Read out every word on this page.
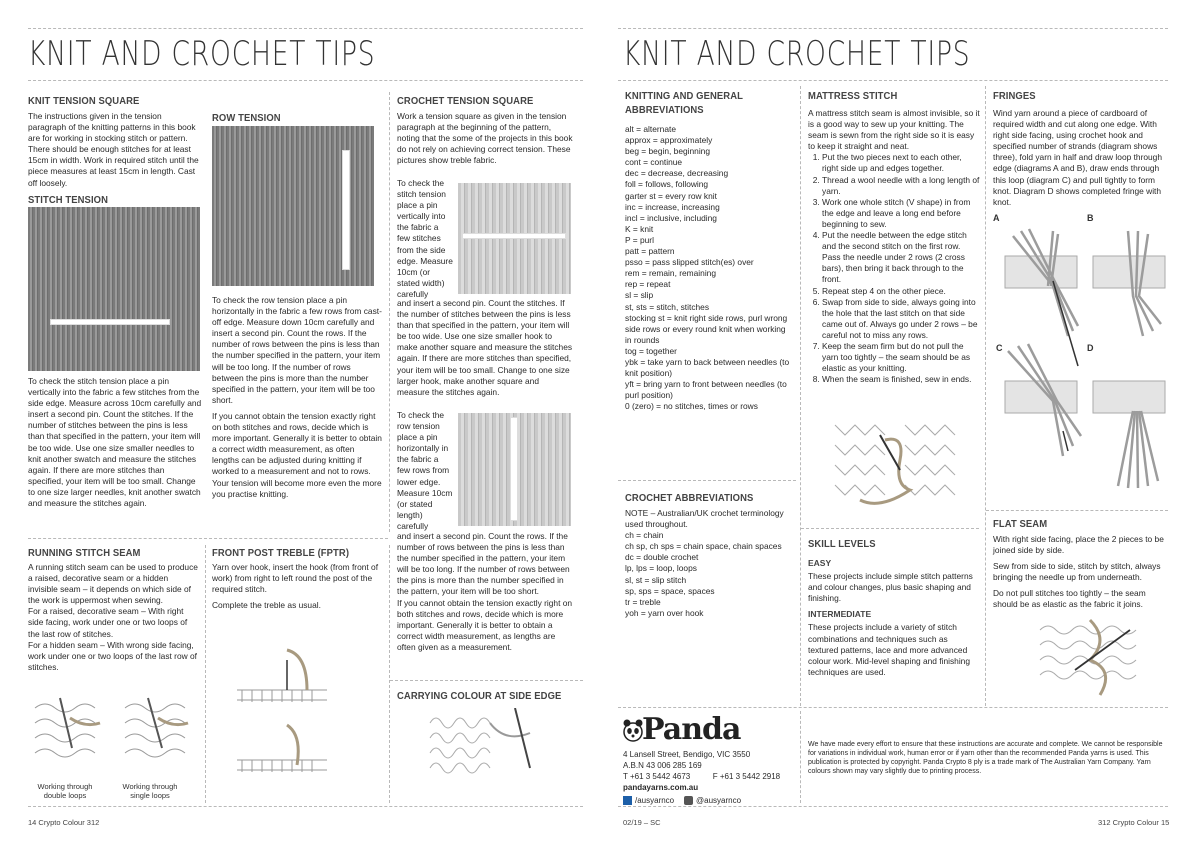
KNIT AND CROCHET TIPS
KNIT TENSION SQUARE
The instructions given in the tension paragraph of the knitting patterns in this book are for working in stocking stitch or pattern. There should be enough stitches for at least 15cm in width. Work in required stitch until the piece measures at least 15cm in length. Cast off loosely.
STITCH TENSION
To check the stitch tension place a pin vertically into the fabric a few stitches from the side edge. Measure across 10cm carefully and insert a second pin. Count the stitches. If the number of stitches between the pins is less than that specified in the pattern, your item will be too wide. Use one size smaller needles to knit another swatch and measure the stitches again. If there are more stitches than specified, your item will be too small. Change to one size larger needles, knit another swatch and measure the stitches again.
ROW TENSION

To check the row tension place a pin horizontally in the fabric a few rows from cast-off edge. Measure down 10cm carefully and insert a second pin. Count the rows. If the number of rows between the pins is less than the number specified in the pattern, your item will be too long. If the number of rows between the pins is more than the number specified in the pattern, your item will be too short.

If you cannot obtain the tension exactly right on both stitches and rows, decide which is more important. Generally it is better to obtain a correct width measurement, as often lengths can be adjusted during knitting if worked to a measurement and not to rows. Your tension will become more even the more you practise knitting.

CROCHET TENSION SQUARE
Work a tension square as given in the tension paragraph at the beginning of the pattern, noting that the some of the projects in this book do not rely on achieving correct tension. These pictures show treble fabric.
To check the stitch tension place a pin vertically into the fabric a few stitches from the side edge. Measure 10cm (or stated width) carefully
and insert a second pin. Count the stitches. If the number of stitches between the pins is less than that specified in the pattern, your item will be too wide. Use one size smaller hook to make another square and measure the stitches again. If there are more stitches than specified, your item will be too small. Change to one size larger hook, make another square and measure the stitches again.
To check the row tension place a pin horizontally in the fabric a few rows from lower edge. Measure 10cm (or stated length) carefully

and insert a second pin. Count the rows. If the number of rows between the pins is less than the number specified in the pattern, your item will be too long. If the number of rows between the pins is more than the number specified in the pattern, your item will be too short.

If you cannot obtain the tension exactly right on both stitches and rows, decide which is more important. Generally it is better to obtain a correct width measurement, as lengths are often given as a measurement.

RUNNING STITCH SEAM

A running stitch seam can be used to produce a raised, decorative seam or a hidden invisible seam – it depends on which side of the work is uppermost when sewing.

For a raised, decorative seam – With right side facing, work under one or two loops of the last row of stitches.

For a hidden seam – With wrong side facing, work under one or two loops of the last row of stitches.

Working through double loops
Working through single loops
FRONT POST TREBLE (FPTR)

Yarn over hook, insert the hook (from front of work) from right to left round the post of the required stitch.

Complete the treble as usual.

CARRYING COLOUR AT SIDE EDGE
14 Crypto Colour 312
KNIT AND CROCHET TIPS
KNITTING AND GENERAL
ABBREVIATIONS

alt = alternate

approx = approximately

beg = begin, beginning

cont = continue

dec = decrease, decreasing

foll = follows, following

garter st = every row knit

inc = increase, increasing

incl = inclusive, including

K = knit

P = purl

patt = pattern

psso = pass slipped stitch(es) over

rem = remain, remaining

rep = repeat

sl = slip

st, sts = stitch, stitches

stocking st = knit right side rows, purl wrong side rows or every round knit when working in rounds

tog = together

ybk = take yarn to back between needles (to knit position)

yft = bring yarn to front between needles (to purl position)

0 (zero) = no stitches, times or rows

CROCHET ABBREVIATIONS

NOTE – Australian/UK crochet terminology used throughout.

ch = chain

ch sp, ch sps = chain space, chain spaces

dc = double crochet

lp, lps = loop, loops

sl, st = slip stitch

sp, sps = space, spaces

tr = treble

yoh = yarn over hook

MATTRESS STITCH

A mattress stitch seam is almost invisible, so it is a good way to sew up your knitting. The seam is sewn from the right side so it is easy to keep it straight and neat.

1. Put the two pieces next to each other, right side up and edges together.
2. Thread a wool needle with a long length of yarn.
3. Work one whole stitch (V shape) in from the edge and leave a long end before beginning to sew.
4. Put the needle between the edge stitch and the second stitch on the first row. Pass the needle under 2 rows (2 cross bars), then bring it back through to the front.
5. Repeat step 4 on the other piece.
6. Swap from side to side, always going into the hole that the last stitch on that side came out of. Always go under 2 rows – be careful not to miss any rows.
7. Keep the seam firm but do not pull the yarn too tightly – the seam should be as elastic as your knitting.
8. When the seam is finished, sew in ends.
SKILL LEVELS
EASY

These projects include simple stitch patterns and colour changes, plus basic shaping and finishing.

INTERMEDIATE

These projects include a variety of stitch combinations and techniques such as textured patterns, lace and more advanced colour work. Mid-level shaping and finishing techniques are used.

FRINGES
Wind yarn around a piece of cardboard of required width and cut along one edge. With right side facing, using crochet hook and specified number of strands (diagram shows three), fold yarn in half and draw loop through edge (diagrams A and B), draw ends through this loop (diagram C) and pull tightly to form knot. Diagram D shows completed fringe with knot.
A	B
C	D
FLAT SEAM

With right side facing, place the 2 pieces to be joined side by side.

Sew from side to side, stitch by stitch, always bringing the needle up from underneath.

Do not pull stitches too tightly – the seam should be as elastic as the fabric it joins.

Panda

4 Lansell Street, Bendigo, VIC 3550

A.B.N 43 006 285 169

T +61 3 5442 4673	F +61 3 5442 2918

pandayarns.com.au

/ausyarnco	@ausyarnco
We have made every effort to ensure that these instructions are accurate and complete. We cannot be responsible for variations in individual work, human error or if yarn other than the recommended Panda yarns is used. This publication is protected by copyright. Panda Crypto 8 ply is a trade mark of The Australian Yarn Company. Yarn colours shown may vary slightly due to printing process.
02/19 – SC	312 Crypto Colour 15
